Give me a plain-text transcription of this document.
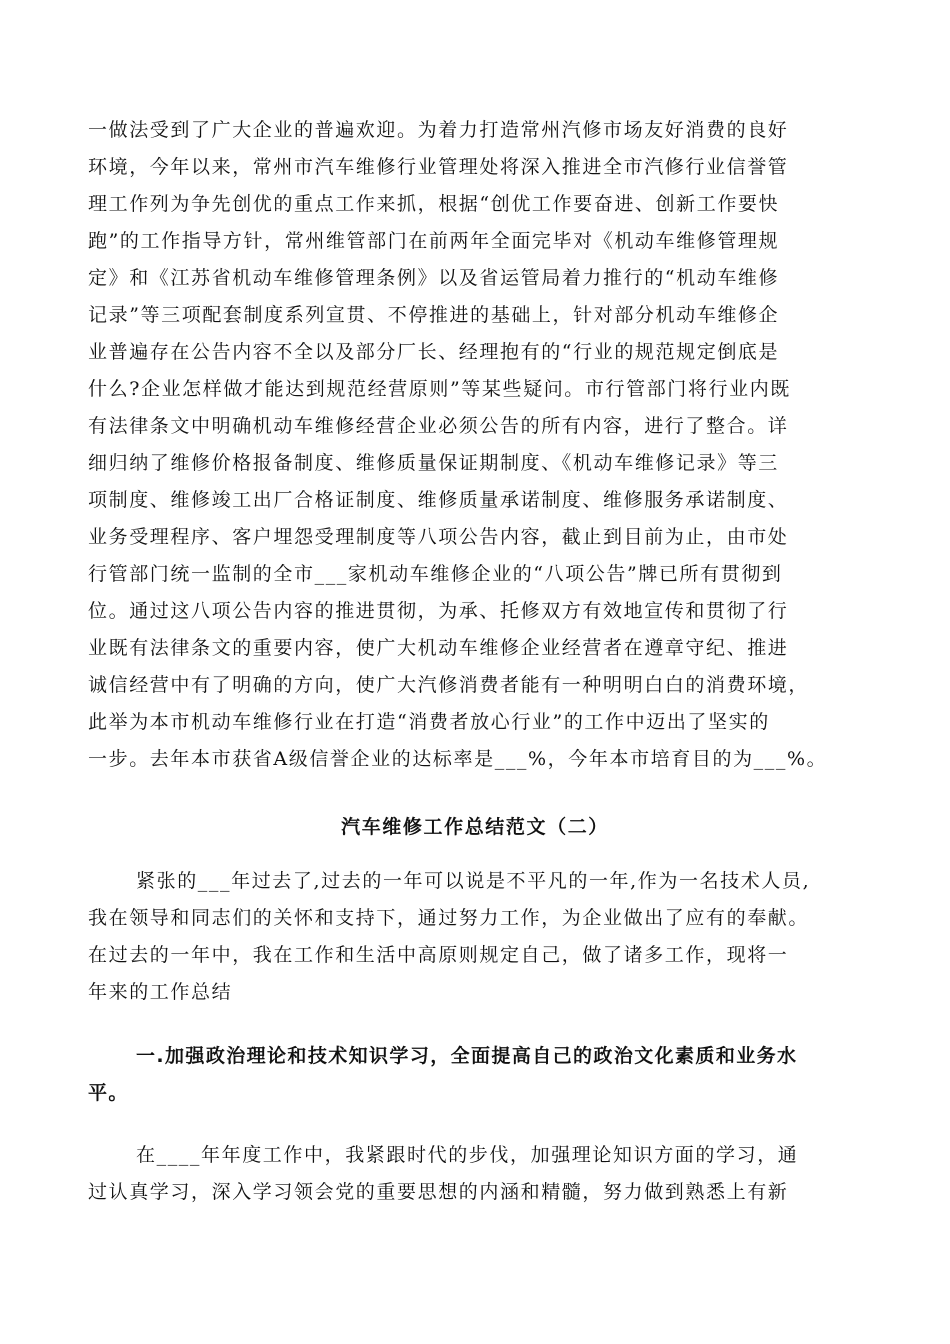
一做法受到了广大企业的普遍欢迎。为着力打造常州汽修市场友好消费的良好
环境，今年以来，常州市汽车维修行业管理处将深入推进全市汽修行业信誉管
理工作列为争先创优的重点工作来抓，根据“创优工作要奋进、创新工作要快
跑”的工作指导方针，常州维管部门在前两年全面完毕对《机动车维修管理规
定》和《江苏省机动车维修管理条例》以及省运管局着力推行的“机动车维修
记录”等三项配套制度系列宣贯、不停推进的基础上，针对部分机动车维修企
业普遍存在公告内容不全以及部分厂长、经理抱有的“行业的规范规定倒底是
什么?企业怎样做才能达到规范经营原则”等某些疑问。市行管部门将行业内既
有法律条文中明确机动车维修经营企业必须公告的所有内容，进行了整合。详
细归纳了维修价格报备制度、维修质量保证期制度、《机动车维修记录》等三
项制度、维修竣工出厂合格证制度、维修质量承诺制度、维修服务承诺制度、
业务受理程序、客户埋怨受理制度等八项公告内容，截止到目前为止，由市处
行管部门统一监制的全市___家机动车维修企业的“八项公告”牌已所有贯彻到
位。通过这八项公告内容的推进贯彻，为承、托修双方有效地宣传和贯彻了行
业既有法律条文的重要内容，使广大机动车维修企业经营者在遵章守纪、推进
诚信经营中有了明确的方向，使广大汽修消费者能有一种明明白白的消费环境，
此举为本市机动车维修行业在打造“消费者放心行业”的工作中迈出了坚实的
一步。去年本市获省A级信誉企业的达标率是___%，今年本市培育目的为___%。
汽车维修工作总结范文（二）
紧张的___年过去了,过去的一年可以说是不平凡的一年,作为一名技术人员,
我在领导和同志们的关怀和支持下，通过努力工作，为企业做出了应有的奉献。
在过去的一年中，我在工作和生活中高原则规定自己，做了诸多工作，现将一
年来的工作总结
一.加强政治理论和技术知识学习，全面提高自己的政治文化素质和业务水
平。
在____年年度工作中，我紧跟时代的步伐，加强理论知识方面的学习，通
过认真学习，深入学习领会党的重要思想的内涵和精髓，努力做到熟悉上有新
